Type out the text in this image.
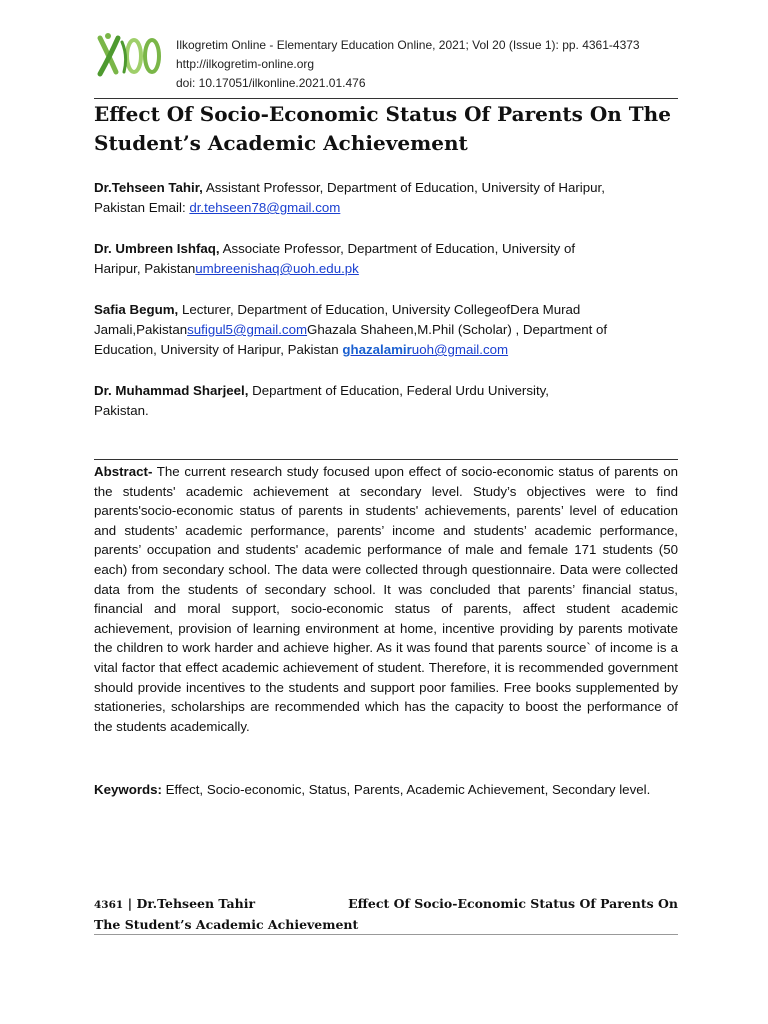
Ilkogretim Online - Elementary Education Online, 2021; Vol 20 (Issue 1): pp. 4361-4373
http://ilkogretim-online.org
doi: 10.17051/ilkonline.2021.01.476
Effect Of Socio-Economic Status Of Parents On The
Student’s Academic Achievement

Dr.Tehseen Tahir, Assistant Professor, Department of Education, University of Haripur,
Pakistan Email: dr.tehseen78@gmail.com

Dr. Umbreen Ishfaq, Associate Professor, Department of Education, University of
Haripur, Pakistanumbreenishaq@uoh.edu.pk

Safia Begum, Lecturer, Department of Education, University CollegeofDera Murad
Jamali,Pakistansufigul5@gmail.comGhazala Shaheen,M.Phil (Scholar) , Department of
Education, University of Haripur, Pakistan ghazalamiruoh@gmail.com

Dr. Muhammad Sharjeel, Department of Education, Federal Urdu University,
Pakistan.

Abstract- The current research study focused upon effect of socio-economic status of parents on the students' academic achievement at secondary level. Study’s objectives were to find parents'socio-economic status of parents in students' achievements, parents’ level of education and students’ academic performance, parents’ income and students’ academic performance, parents’ occupation and students' academic performance of male and female 171 students (50 each) from secondary school. The data were collected through questionnaire. Data were collected data from the students of secondary school. It was concluded that parents’ financial status, financial and moral support, socio-economic status of parents, affect student academic achievement, provision of learning environment at home, incentive providing by parents motivate the children to work harder and achieve higher. As it was found that parents source` of income is a vital factor that effect academic achievement of student. Therefore, it is recommended government should provide incentives to the students and support poor families. Free books supplemented by stationeries, scholarships are recommended which has the capacity to boost the performance of the students academically.

Keywords: Effect, Socio-economic, Status, Parents, Academic Achievement, Secondary level.

4361 | Dr.Tehseen Tahir	Effect Of Socio-Economic Status Of Parents On
The Student’s Academic Achievement
